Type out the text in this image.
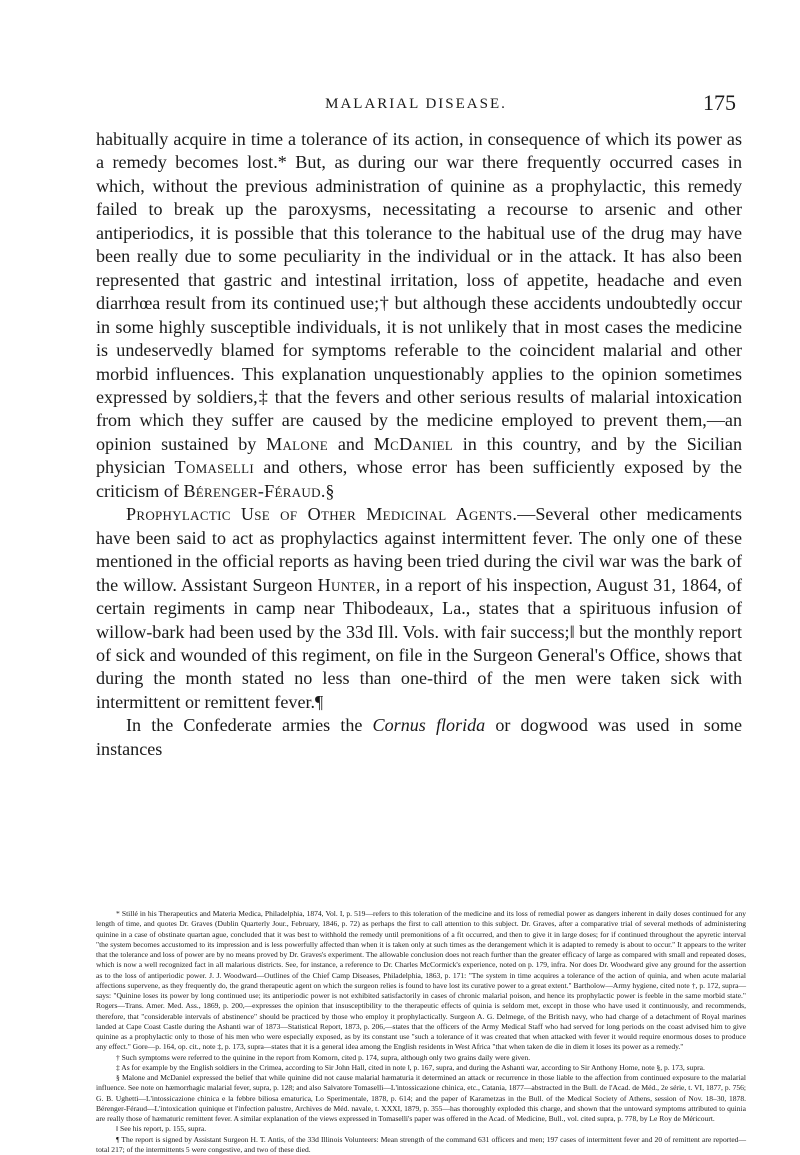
MALARIAL DISEASE.	175

habitually acquire in time a tolerance of its action, in consequence of which its power as a remedy becomes lost.* But, as during our war there frequently occurred cases in which, without the previous administration of quinine as a prophylactic, this remedy failed to break up the paroxysms, necessitating a recourse to arsenic and other antiperiodics, it is possible that this tolerance to the habitual use of the drug may have been really due to some peculiarity in the individual or in the attack. It has also been represented that gastric and intestinal irritation, loss of appetite, headache and even diarrhœa result from its continued use;† but although these accidents undoubtedly occur in some highly susceptible individuals, it is not unlikely that in most cases the medicine is undeservedly blamed for symptoms referable to the coincident malarial and other morbid influences. This explanation unquestionably applies to the opinion sometimes expressed by soldiers,‡ that the fevers and other serious results of malarial intoxication from which they suffer are caused by the medicine employed to prevent them,—an opinion sustained by Malone and McDaniel in this country, and by the Sicilian physician Tomaselli and others, whose error has been sufficiently exposed by the criticism of Bérenger-Féraud.§

Prophylactic Use of Other Medicinal Agents.—Several other medicaments have been said to act as prophylactics against intermittent fever. The only one of these mentioned in the official reports as having been tried during the civil war was the bark of the willow. Assistant Surgeon Hunter, in a report of his inspection, August 31, 1864, of certain regiments in camp near Thibodeaux, La., states that a spirituous infusion of willow-bark had been used by the 33d Ill. Vols. with fair success;‖ but the monthly report of sick and wounded of this regiment, on file in the Surgeon General's Office, shows that during the month stated no less than one-third of the men were taken sick with intermittent or remittent fever.¶

In the Confederate armies the Cornus florida or dogwood was used in some instances

* Stillé in his Therapeutics and Materia Medica, Philadelphia, 1874, Vol. I, p. 519—refers to this toleration of the medicine and its loss of remedial power as dangers inherent in daily doses continued for any length of time, and quotes Dr. Graves (Dublin Quarterly Jour., February, 1846, p. 72) as perhaps the first to call attention to this subject. Dr. Graves, after a comparative trial of several methods of administering quinine in a case of obstinate quartan ague, concluded that it was best to withhold the remedy until premonitions of a fit occurred, and then to give it in large doses; for if continued throughout the apyretic interval "the system becomes accustomed to its impression and is less powerfully affected than when it is taken only at such times as the derangement which it is adapted to remedy is about to occur." It appears to the writer that the tolerance and loss of power are by no means proved by Dr. Graves's experiment. The allowable conclusion does not reach further than the greater efficacy of large as compared with small and repeated doses, which is now a well recognized fact in all malarious districts. See, for instance, a reference to Dr. Charles McCormick's experience, noted on p. 179, infra. Nor does Dr. Woodward give any ground for the assertion as to the loss of antiperiodic power. J. J. Woodward—Outlines of the Chief Camp Diseases, Philadelphia, 1863, p. 171: "The system in time acquires a tolerance of the action of quinia, and when acute malarial affections supervene, as they frequently do, the grand therapeutic agent on which the surgeon relies is found to have lost its curative power to a great extent." Bartholow—Army hygiene, cited note †, p. 172, supra—says: "Quinine loses its power by long continued use; its antiperiodic power is not exhibited satisfactorily in cases of chronic malarial poison, and hence its prophylactic power is feeble in the same morbid state." Rogers—Trans. Amer. Med. Ass., 1869, p. 200,—expresses the opinion that insusceptibility to the therapeutic effects of quinia is seldom met, except in those who have used it continuously, and recommends, therefore, that "considerable intervals of abstinence" should be practiced by those who employ it prophylactically. Surgeon A. G. Delmege, of the British navy, who had charge of a detachment of Royal marines landed at Cape Coast Castle during the Ashanti war of 1873—Statistical Report, 1873, p. 206,—states that the officers of the Army Medical Staff who had served for long periods on the coast advised him to give quinine as a prophylactic only to those of his men who were especially exposed, as by its constant use "such a tolerance of it was created that when attacked with fever it would require enormous doses to produce any effect." Gore—p. 164, op. cit., note ‡, p. 173, supra—states that it is a general idea among the English residents in West Africa "that when taken de die in diem it loses its power as a remedy."

† Such symptoms were referred to the quinine in the report from Komorn, cited p. 174, supra, although only two grains daily were given.

‡ As for example by the English soldiers in the Crimea, according to Sir John Hall, cited in note ‖, p. 167, supra, and during the Ashanti war, according to Sir Anthony Home, note §, p. 173, supra.

§ Malone and McDaniel expressed the belief that while quinine did not cause malarial hæmaturia it determined an attack or recurrence in those liable to the affection from continued exposure to the malarial influence. See note on hæmorrhagic malarial fever, supra, p. 128; and also Salvatore Tomaselli—L'intossicazione chinica, etc., Catania, 1877—abstracted in the Bull. de l'Acad. de Méd., 2e série, t. VI, 1877, p. 756; G. B. Ughetti—L'intossicazione chinica e la febbre biliosa ematurica, Lo Sperimentale, 1878, p. 614; and the paper of Karametzas in the Bull. of the Medical Society of Athens, session of Nov. 18–30, 1878. Bérenger-Féraud—L'intoxication quinique et l'infection palustre, Archives de Méd. navale, t. XXXI, 1879, p. 355—has thoroughly exploded this charge, and shown that the untoward symptoms attributed to quinia are really those of hæmaturic remittent fever. A similar explanation of the views expressed in Tomaselli's paper was offered in the Acad. of Medicine, Bull., vol. cited supra, p. 778, by Le Roy de Méricourt.

‖ See his report, p. 155, supra.

¶ The report is signed by Assistant Surgeon H. T. Antis, of the 33d Illinois Volunteers: Mean strength of the command 631 officers and men; 197 cases of intermittent fever and 20 of remittent are reported—total 217; of the intermittents 5 were congestive, and two of these died.
